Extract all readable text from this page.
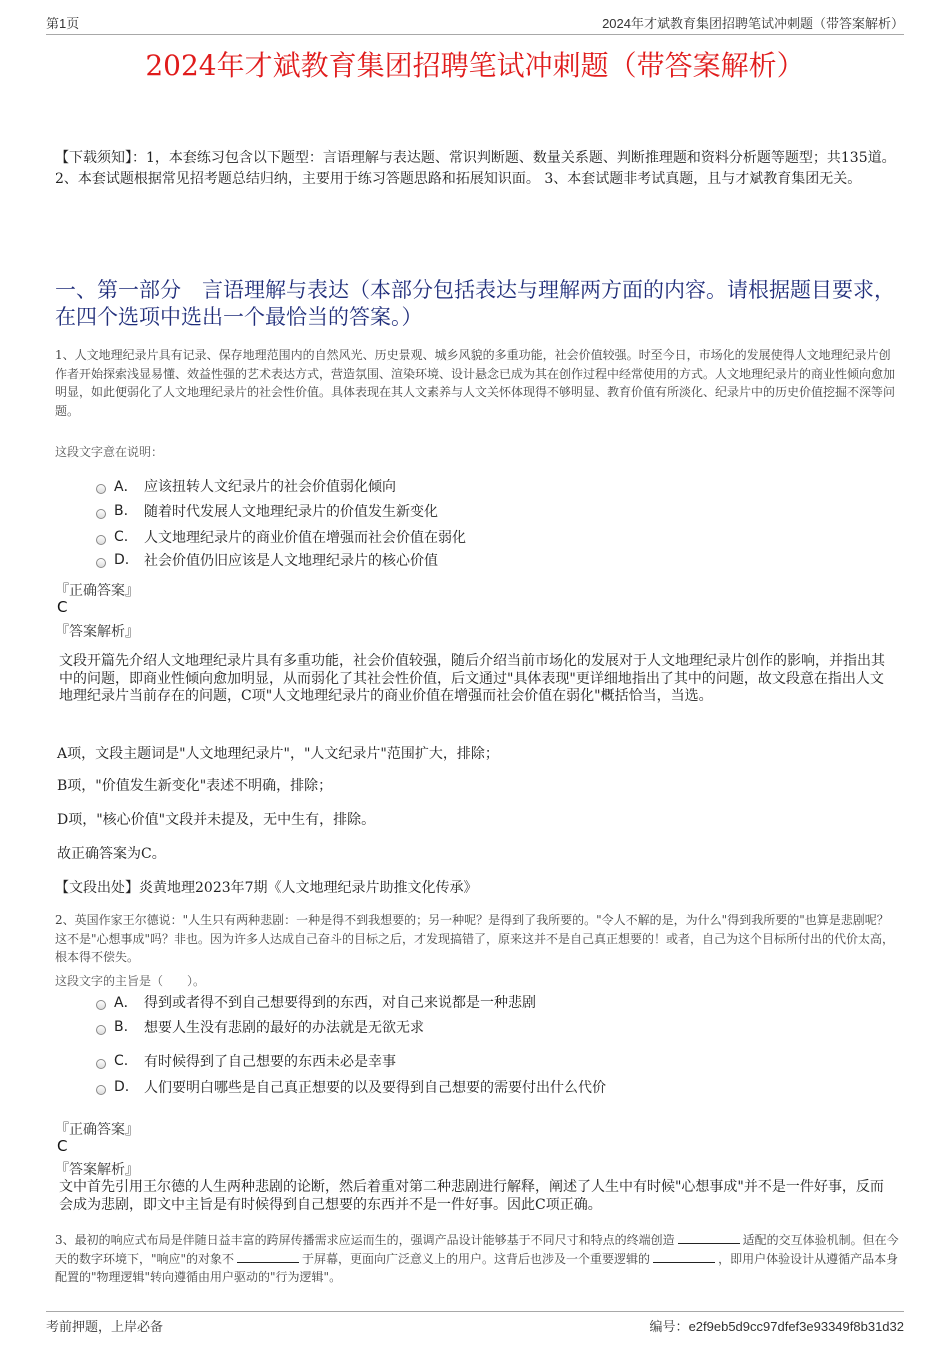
第1页	2024年才斌教育集团招聘笔试冲刺题（带答案解析）
2024年才斌教育集团招聘笔试冲刺题（带答案解析）
【下载须知】：1，本套练习包含以下题型：言语理解与表达题、常识判断题、数量关系题、判断推理题和资料分析题等题型；共135道。2、本套试题根据常见招考题总结归纳，主要用于练习答题思路和拓展知识面。 3、本套试题非考试真题，且与才斌教育集团无关。
一、第一部分　言语理解与表达（本部分包括表达与理解两方面的内容。请根据题目要求，在四个选项中选出一个最恰当的答案。）
1、人文地理纪录片具有记录、保存地理范围内的自然风光、历史景观、城乡风貌的多重功能，社会价值较强。时至今日，市场化的发展使得人文地理纪录片创作者开始探索浅显易懂、效益性强的艺术表达方式，营造氛围、渲染环境、设计悬念已成为其在创作过程中经常使用的方式。人文地理纪录片的商业性倾向愈加明显，如此便弱化了人文地理纪录片的社会性价值。具体表现在其人文素养与人文关怀体现得不够明显、教育价值有所淡化、纪录片中的历史价值挖掘不深等问题。
这段文字意在说明：
A． 应该扭转人文纪录片的社会价值弱化倾向
B.	随着时代发展人文地理纪录片的价值发生新变化
C.	人文地理纪录片的商业价值在增强而社会价值在弱化
D.	社会价值仍旧应该是人文地理纪录片的核心价值
『正确答案』
C
『答案解析』
文段开篇先介绍人文地理纪录片具有多重功能，社会价值较强，随后介绍当前市场化的发展对于人文地理纪录片创作的影响，并指出其中的问题，即商业性倾向愈加明显，从而弱化了其社会性价值，后文通过"具体表现"更详细地指出了其中的问题，故文段意在指出人文地理纪录片当前存在的问题，C项"人文地理纪录片的商业价值在增强而社会价值在弱化"概括恰当，当选。
A项，文段主题词是"人文地理纪录片"，"人文纪录片"范围扩大，排除；
B项，"价值发生新变化"表述不明确，排除；
D项，"核心价值"文段并未提及，无中生有，排除。
故正确答案为C。
【文段出处】炎黄地理2023年7期《人文地理纪录片助推文化传承》
2、英国作家王尔德说："人生只有两种悲剧：一种是得不到我想要的；另一种呢？是得到了我所要的。"令人不解的是，为什么"得到我所要的"也算是悲剧呢？这不是"心想事成"吗？非也。因为许多人达成自己奋斗的目标之后，才发现搞错了，原来这并不是自己真正想要的！或者，自己为这个目标所付出的代价太高，根本得不偿失。
这段文字的主旨是（　　）。
A． 得到或者得不到自己想要得到的东西，对自己来说都是一种悲剧
B.	想要人生没有悲剧的最好的办法就是无欲无求
C.	有时候得到了自己想要的东西未必是幸事
D.	人们要明白哪些是自己真正想要的以及要得到自己想要的需要付出什么代价
『正确答案』
C
『答案解析』
文中首先引用王尔德的人生两种悲剧的论断，然后着重对第二种悲剧进行解释，阐述了人生中有时候"心想事成"并不是一件好事，反而会成为悲剧，即文中主旨是有时候得到自己想要的东西并不是一件好事。因此C项正确。
3、最初的响应式布局是伴随日益丰富的跨屏传播需求应运而生的，强调产品设计能够基于不同尺寸和特点的终端创造	适配的交互体验机制。但在今天的数字环境下，"响应"的对象不	于屏幕，更面向广泛意义上的用户。这背后也涉及一个重要逻辑的	，即用户体验设计从遵循产品本身配置的"物理逻辑"转向遵循由用户驱动的"行为逻辑"。
考前押题，上岸必备	编号：e2f9eb5d9cc97dfef3e93349f8b31d32
